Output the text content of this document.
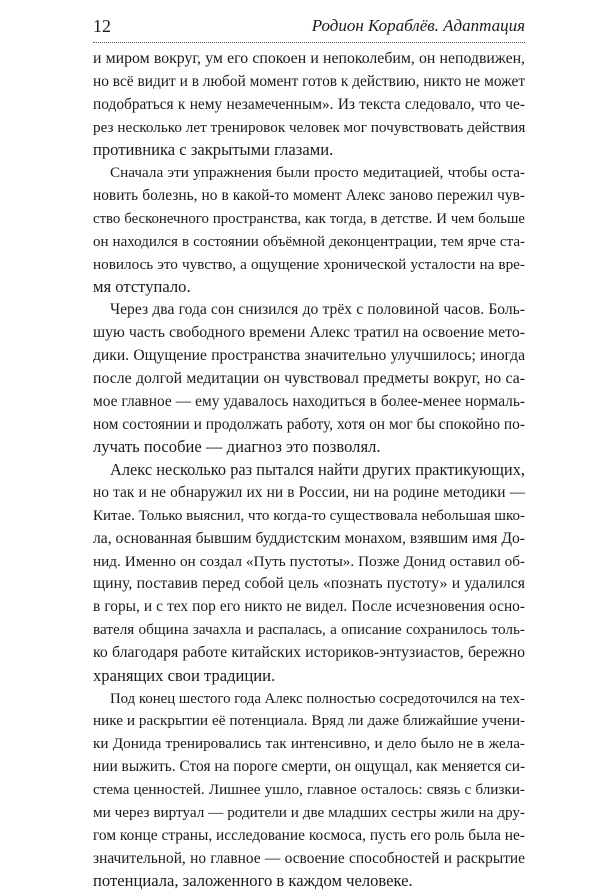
12	Родион Кораблёв. Адаптация
и миром вокруг, ум его спокоен и непоколебим, он неподвижен,
но всё видит и в любой момент готов к действию, никто не может
подобраться к нему незамеченным». Из текста следовало, что че-
рез несколько лет тренировок человек мог почувствовать действия
противника с закрытыми глазами.
Сначала эти упражнения были просто медитацией, чтобы оста-
новить болезнь, но в какой-то момент Алекс заново пережил чув-
ство бесконечного пространства, как тогда, в детстве. И чем больше
он находился в состоянии объёмной деконцентрации, тем ярче ста-
новилось это чувство, а ощущение хронической усталости на вре-
мя отступало.
Через два года сон снизился до трёх с половиной часов. Боль-
шую часть свободного времени Алекс тратил на освоение мето-
дики. Ощущение пространства значительно улучшилось; иногда
после долгой медитации он чувствовал предметы вокруг, но са-
мое главное — ему удавалось находиться в более-менее нормаль-
ном состоянии и продолжать работу, хотя он мог бы спокойно по-
лучать пособие — диагноз это позволял.
Алекс несколько раз пытался найти других практикующих,
но так и не обнаружил их ни в России, ни на родине методики —
Китае. Только выяснил, что когда-то существовала небольшая шко-
ла, основанная бывшим буддистским монахом, взявшим имя До-
нид. Именно он создал «Путь пустоты». Позже Донид оставил об-
щину, поставив перед собой цель «познать пустоту» и удалился
в горы, и с тех пор его никто не видел. После исчезновения осно-
вателя община зачахла и распалась, а описание сохранилось толь-
ко благодаря работе китайских историков-энтузиастов, бережно
хранящих свои традиции.
Под конец шестого года Алекс полностью сосредоточился на тех-
нике и раскрытии её потенциала. Вряд ли даже ближайшие учени-
ки Донида тренировались так интенсивно, и дело было не в жела-
нии выжить. Стоя на пороге смерти, он ощущал, как меняется си-
стема ценностей. Лишнее ушло, главное осталось: связь с близки-
ми через виртуал — родители и две младших сестры жили на дру-
гом конце страны, исследование космоса, пусть его роль была не-
значительной, но главное — освоение способностей и раскрытие
потенциала, заложенного в каждом человеке.
